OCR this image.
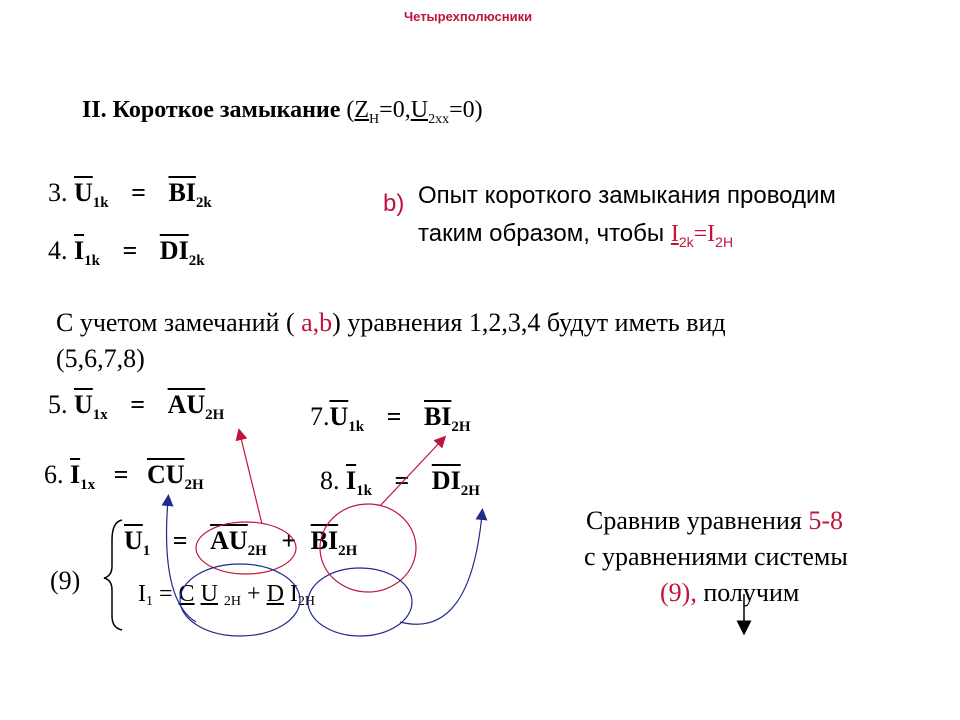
Четырехполюсники
II. Короткое замыкание $(Z_Н=0,U_{2хх}=0)$
3. $\overline{U}_{1k} = \overline{BI}_{2k}$
4. $\overline{I}_{1k} = \overline{DI}_{2k}$
b) Опыт короткого замыкания проводим
таким образом, чтобы $I_{2k}=I_{2H}$
С учетом замечаний ( a,b) уравнения 1,2,3,4 будут иметь вид
(5,6,7,8)
5. $\overline{U}_{1x} = \overline{AU}_{2H}$	$7.\overline{U}_{1k} = \overline{BI}_{2H}$
6. $\overline{I}_{1x} = \overline{CU}_{2H}$	8. $\overline{I}_{1k} = \overline{DI}_{2H}$
(9)
$\overline{U}_1 = \overline{AU}_{2H} + \overline{BI}_{2H}$
I1 = C U 2H + D I2H
Сравнив уравнения 5-8
с уравнениями системы
(9), получим
